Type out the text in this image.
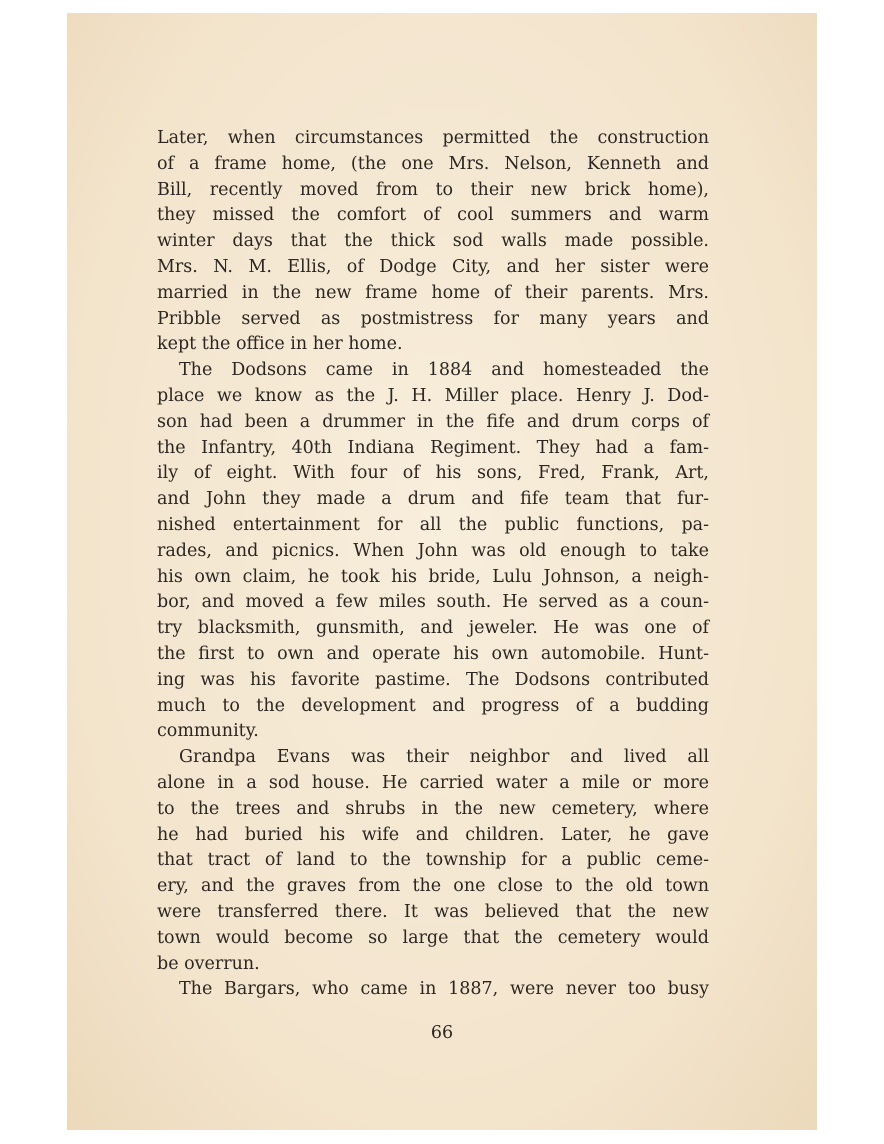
Later, when circumstances permitted the construction
of a frame home, (the one Mrs. Nelson, Kenneth and
Bill, recently moved from to their new brick home),
they missed the comfort of cool summers and warm
winter days that the thick sod walls made possible.
Mrs. N. M. Ellis, of Dodge City, and her sister were
married in the new frame home of their parents. Mrs.
Pribble served as postmistress for many years and
kept the office in her home.
The Dodsons came in 1884 and homesteaded the
place we know as the J. H. Miller place. Henry J. Dod-
son had been a drummer in the fife and drum corps of
the Infantry, 40th Indiana Regiment. They had a fam-
ily of eight. With four of his sons, Fred, Frank, Art,
and John they made a drum and fife team that fur-
nished entertainment for all the public functions, pa-
rades, and picnics. When John was old enough to take
his own claim, he took his bride, Lulu Johnson, a neigh-
bor, and moved a few miles south. He served as a coun-
try blacksmith, gunsmith, and jeweler. He was one of
the first to own and operate his own automobile. Hunt-
ing was his favorite pastime. The Dodsons contributed
much to the development and progress of a budding
community.
Grandpa Evans was their neighbor and lived all
alone in a sod house. He carried water a mile or more
to the trees and shrubs in the new cemetery, where
he had buried his wife and children. Later, he gave
that tract of land to the township for a public ceme-
ery, and the graves from the one close to the old town
were transferred there. It was believed that the new
town would become so large that the cemetery would
be overrun.
The Bargars, who came in 1887, were never too busy
66
